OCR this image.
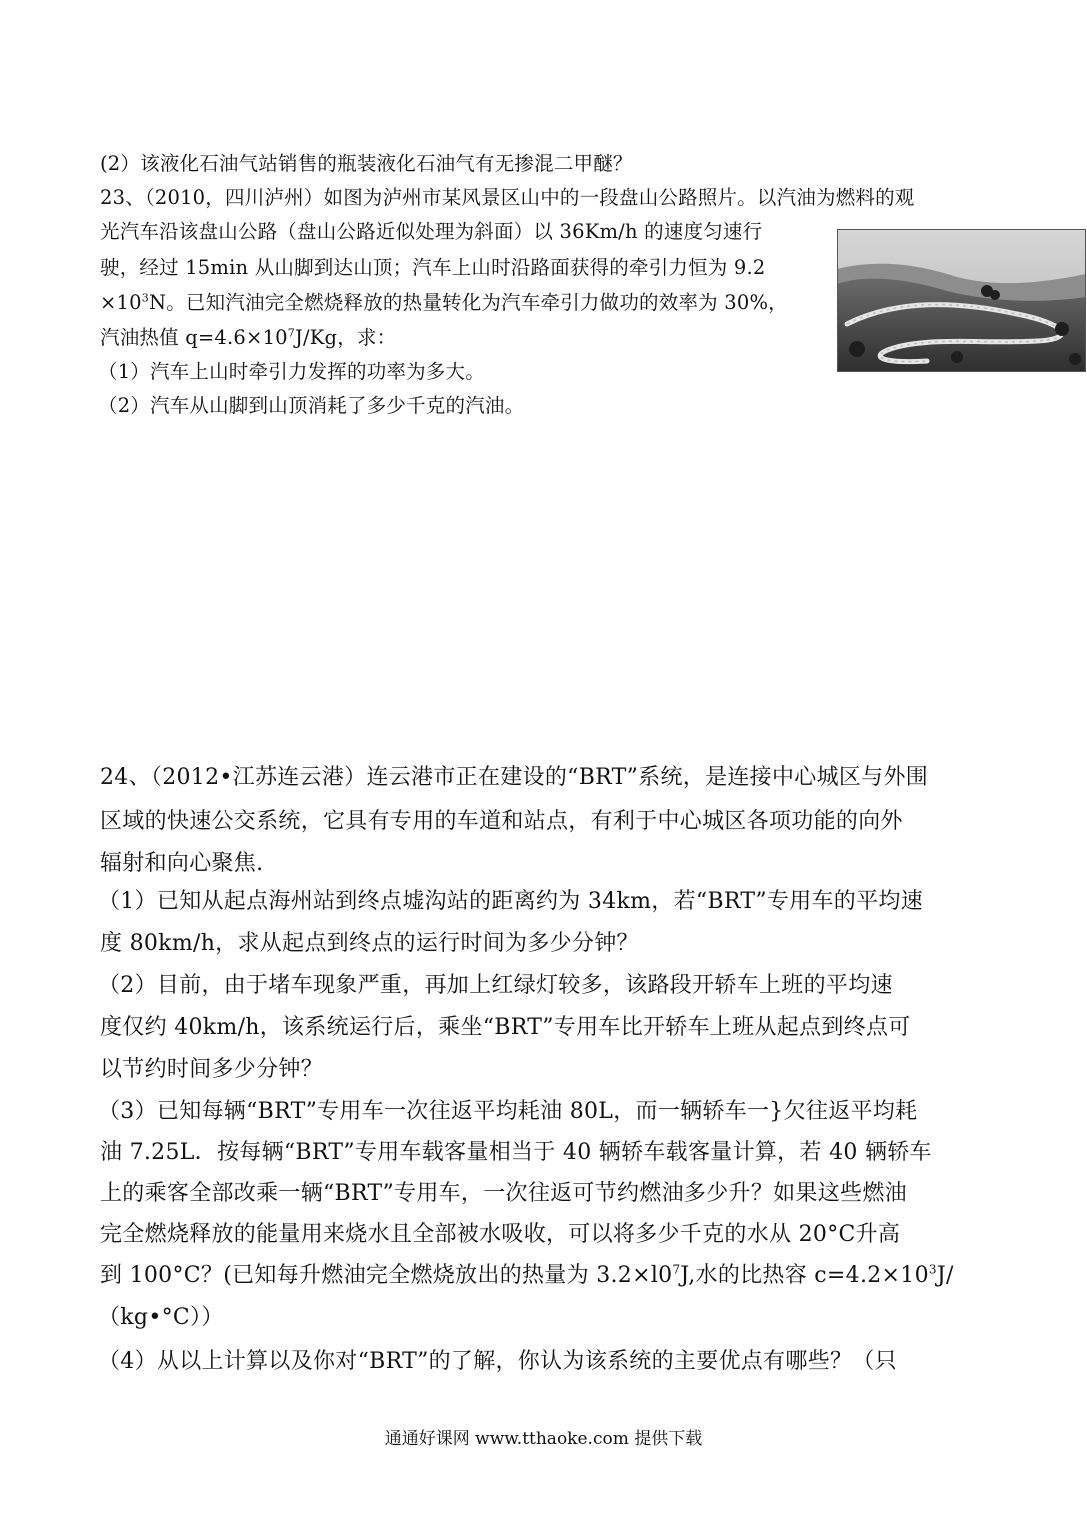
(2）该液化石油气站销售的瓶装液化石油气有无掺混二甲醚？

23、（2010，四川泸州）如图为泸州市某风景区山中的一段盘山公路照片。以汽油为燃料的观

光汽车沿该盘山公路（盘山公路近似处理为斜面）以 36Km/h 的速度匀速行

驶，经过 15min 从山脚到达山顶；汽车上山时沿路面获得的牵引力恒为 9.2

$\times 10^3N$。已知汽油完全燃烧释放的热量转化为汽车牵引力做功的效率为 30%，

汽油热值 $q=4.6\times 10^7J/Kg$，求：

（1）汽车上山时牵引力发挥的功率为多大。

（2）汽车从山脚到山顶消耗了多少千克的汽油。

24、（2012•江苏连云港）连云港市正在建设的“BRT”系统，是连接中心城区与外围

区域的快速公交系统，它具有专用的车道和站点，有利于中心城区各项功能的向外

辐射和向心聚焦.

（1）已知从起点海州站到终点墟沟站的距离约为 34km，若“BRT”专用车的平均速

度 80km/h，求从起点到终点的运行时间为多少分钟？

（2）目前，由于堵车现象严重，再加上红绿灯较多，该路段开轿车上班的平均速

度仅约 40km/h，该系统运行后，乘坐“BRT”专用车比开轿车上班从起点到终点可

以节约时间多少分钟？

（3）已知每辆“BRT”专用车一次往返平均耗油 80L，而一辆轿车一}欠往返平均耗

油 7.25L．按每辆“BRT”专用车载客量相当于 40 辆轿车载客量计算，若 40 辆轿车

上的乘客全部改乘一辆“BRT”专用车，一次往返可节约燃油多少升？如果这些燃油

完全燃烧释放的能量用来烧水且全部被水吸收，可以将多少千克的水从 20°C升高

到 100°C？(已知每升燃油完全燃烧放出的热量为 $3.2\times l0^7J$,水的比热容 $c=4.2\times 10^3J/$

（kg•°C））

（4）从以上计算以及你对“BRT”的了解，你认为该系统的主要优点有哪些？（只

通通好课网 www.tthaoke.com 提供下载
